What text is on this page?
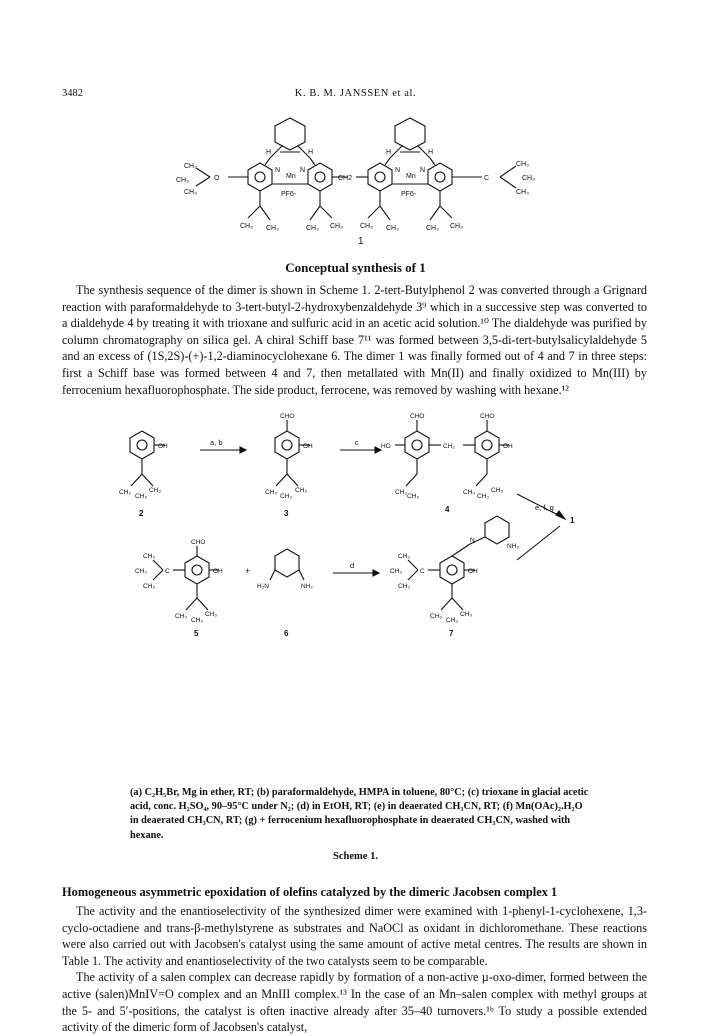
3482	K. B. M. JANSSEN et al.
H	H	H	H
N	N	N	N
Mn	Mn
PF6-	PF6-
CH2
O	C
CH₃
CH₃
CH₃
CH₃
CH₃
CH₃
CH₃ CH₃	CH₃ CH₃ CH₃ CH₃	CH₃ CH₃
1
Conceptual synthesis of 1

The synthesis sequence of the dimer is shown in Scheme 1. 2-tert-Butylphenol 2 was converted through a Grignard reaction with paraformaldehyde to 3-tert-butyl-2-hydroxybenzaldehyde 3⁹ which in a successive step was converted to a dialdehyde 4 by treating it with trioxane and sulfuric acid in an acetic acid solution.¹⁰ The dialdehyde was purified by column chromatography on silica gel. A chiral Schiff base 7¹¹ was formed between 3,5-di-tert-butylsalicylaldehyde 5 and an excess of (1S,2S)-(+)-1,2-diaminocyclohexane 6. The dimer 1 was finally formed out of 4 and 7 in three steps: first a Schiff base was formed between 4 and 7, then metallated with Mn(II) and finally oxidized to Mn(III) by ferrocenium hexafluorophosphate. The side product, ferrocene, was removed by washing with hexane.¹²

OH	OH
CHO	CHO	CHO
HO	CH₂	OH
CH₃
CH₃
CH₃	CH₃
CH₃
CH₃	CH₃
CH₃
CH₃
CH₃
CH₃
CHO
OH
C
CH₃
CH₃
CH₃
CH₃
CH₃
CH₃
H₂N	NH₂
OH
C
CH₃
CH₃
CH₃
N
NH₂
CH₃
CH₃
CH₃
+
2	3	4
1
5	6	7
a, b	c
e, f, g
d
(a) C₂H₅Br, Mg in ether, RT; (b) paraformaldehyde, HMPA in toluene, 80°C; (c) trioxane in glacial acetic acid, conc. H₂SO₄, 90–95°C under N₂; (d) in EtOH, RT; (e) in deaerated CH₃CN, RT; (f) Mn(OAc)₂.H₂O in deaerated CH₃CN, RT; (g) + ferrocenium hexafluorophosphate in deaerated CH₃CN, washed with hexane.
Scheme 1.
Homogeneous asymmetric epoxidation of olefins catalyzed by the dimeric Jacobsen complex 1

The activity and the enantioselectivity of the synthesized dimer were examined with 1-phenyl-1-cyclohexene, 1,3-cyclo-octadiene and trans-β-methylstyrene as substrates and NaOCl as oxidant in dichloromethane. These reactions were also carried out with Jacobsen's catalyst using the same amount of active metal centres. The results are shown in Table 1. The activity and enantioselectivity of the two catalysts seem to be comparable.

The activity of a salen complex can decrease rapidly by formation of a non-active µ-oxo-dimer, formed between the active (salen)MnIV=O complex and an MnIII complex.¹³ In the case of an Mn–salen complex with methyl groups at the 5- and 5′-positions, the catalyst is often inactive already after 35–40 turnovers.¹ᵇ To study a possible extended activity of the dimeric form of Jacobsen's catalyst,
